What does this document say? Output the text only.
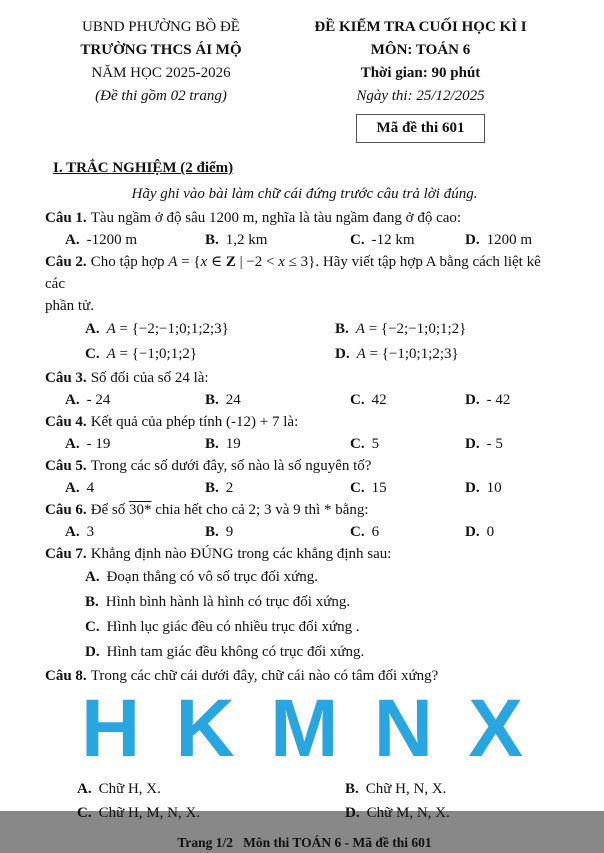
UBND PHƯỜNG BỒ ĐỀ
TRƯỜNG THCS ÁI MỘ
NĂM HỌC 2025-2026
(Đề thi gồm 02 trang)
ĐỀ KIỂM TRA CUỐI HỌC KÌ I
MÔN: TOÁN 6
Thời gian: 90 phút
Ngày thi: 25/12/2025
Mã đề thi 601
I. TRẮC NGHIỆM (2 điểm)
Hãy ghi vào bài làm chữ cái đứng trước câu trả lời đúng.
Câu 1. Tàu ngầm ở độ sâu 1200 m, nghĩa là tàu ngầm đang ở độ cao:
A. -1200 m	B. 1,2 km	C. -12 km	D. 1200 m
Câu 2. Cho tập hợp A = {x ∈ Z | −2 < x ≤ 3}. Hãy viết tập hợp A bằng cách liệt kê các
phần tử.
A. A = {−2;−1;0;1;2;3}	B. A = {−2;−1;0;1;2}
C. A = {−1;0;1;2}	D. A = {−1;0;1;2;3}
Câu 3. Số đối của số 24 là:
A. - 24	B. 24	C. 42	D. - 42
Câu 4. Kết quả của phép tính (-12) + 7 là:
A. - 19	B. 19	C. 5	D. - 5
Câu 5. Trong các số dưới đây, số nào là số nguyên tố?
A. 4	B. 2	C. 15	D. 10
Câu 6. Để số 30* chia hết cho cả 2; 3 và 9 thì * bằng:
A. 3	B. 9	C. 6	D. 0
Câu 7. Khẳng định nào ĐÚNG trong các khẳng định sau:
A. Đoạn thẳng có vô số trục đối xứng.
B. Hình bình hành là hình có trục đối xứng.
C. Hình lục giác đều có nhiều trục đối xứng .
D. Hình tam giác đều không có trục đối xứng.
Câu 8. Trong các chữ cái dưới đây, chữ cái nào có tâm đối xứng?
H K M N X
A. Chữ H, X.	B. Chữ H, N, X.
C. Chữ H, M, N, X.	D. Chữ M, N, X.
Trang 1/2   Môn thi TOÁN 6 - Mã đề thi 601
